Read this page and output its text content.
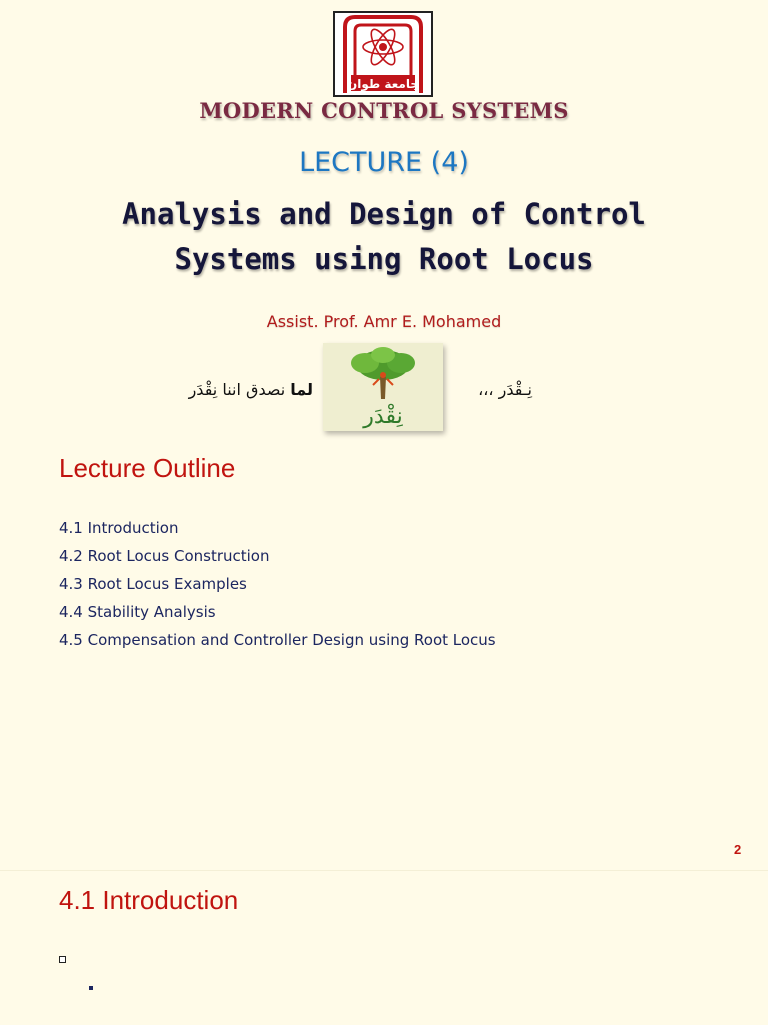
جامعة طوان
MODERN CONTROL SYSTEMS
LECTURE (4)
Analysis and Design of Control
Systems using Root Locus
Assist. Prof. Amr E. Mohamed
نِـقْدَر ،،،
نِقْدَر
لما نصدق اننا نِقْدَر
Lecture Outline
4.1 Introduction
4.2 Root Locus Construction
4.3 Root Locus Examples
4.4 Stability Analysis
4.5 Compensation and Controller Design using Root Locus
2
4.1 Introduction
